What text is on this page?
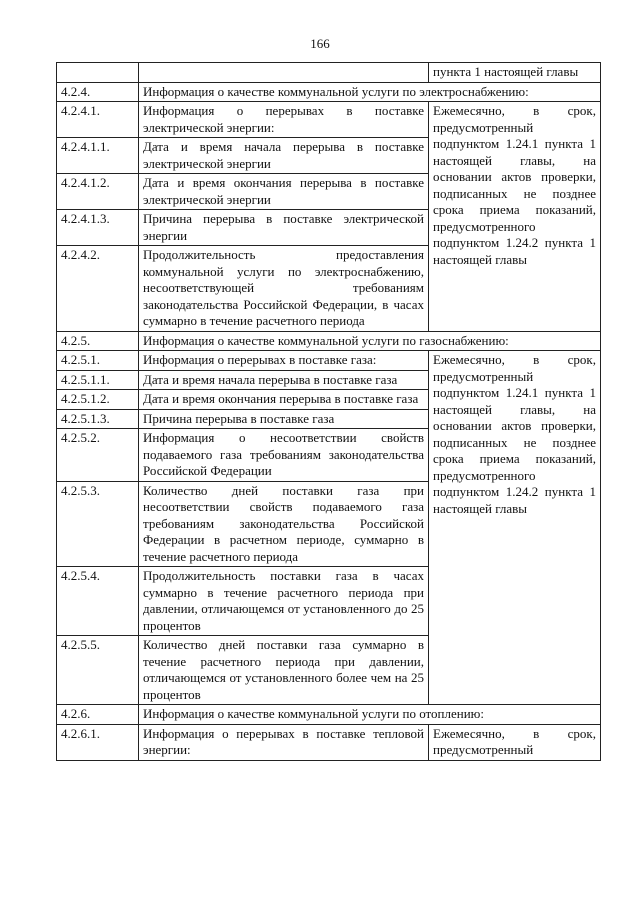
166
		пункта 1 настоящей главы
4.2.4.	Информация о качестве коммунальной услуги по электроснабжению:	
4.2.4.1.	Информация о перерывах в поставке электрической энергии:	Ежемесячно, в срок, предусмотренный подпунктом 1.24.1 пункта 1 настоящей главы, на основании актов проверки, подписанных не позднее срока приема показаний, предусмотренного подпунктом 1.24.2 пункта 1 настоящей главы
4.2.4.1.1.	Дата и время начала перерыва в поставке электрической энергии	
4.2.4.1.2.	Дата и время окончания перерыва в поставке электрической энергии	
4.2.4.1.3.	Причина перерыва в поставке электрической энергии	
4.2.4.2.	Продолжительность предоставления коммунальной услуги по электроснабжению, несоответствующей требованиям законодательства Российской Федерации, в часах суммарно в течение расчетного периода	
4.2.5.	Информация о качестве коммунальной услуги по газоснабжению:	
4.2.5.1.	Информация о перерывах в поставке газа:	Ежемесячно, в срок, предусмотренный подпунктом 1.24.1 пункта 1 настоящей главы, на основании актов проверки, подписанных не позднее срока приема показаний, предусмотренного подпунктом 1.24.2 пункта 1 настоящей главы
4.2.5.1.1.	Дата и время начала перерыва в поставке газа	
4.2.5.1.2.	Дата и время окончания перерыва в поставке газа	
4.2.5.1.3.	Причина перерыва в поставке газа	
4.2.5.2.	Информация о несоответствии свойств подаваемого газа требованиям законодательства Российской Федерации	
4.2.5.3.	Количество дней поставки газа при несоответствии свойств подаваемого газа требованиям законодательства Российской Федерации в расчетном периоде, суммарно в течение расчетного периода	
4.2.5.4.	Продолжительность поставки газа в часах суммарно в течение расчетного периода при давлении, отличающемся от установленного до 25 процентов	
4.2.5.5.	Количество дней поставки газа суммарно в течение расчетного периода при давлении, отличающемся от установленного более чем на 25 процентов	
4.2.6.	Информация о качестве коммунальной услуги по отоплению:	
4.2.6.1.	Информация о перерывах в поставке тепловой энергии:	Ежемесячно, в срок, предусмотренный
